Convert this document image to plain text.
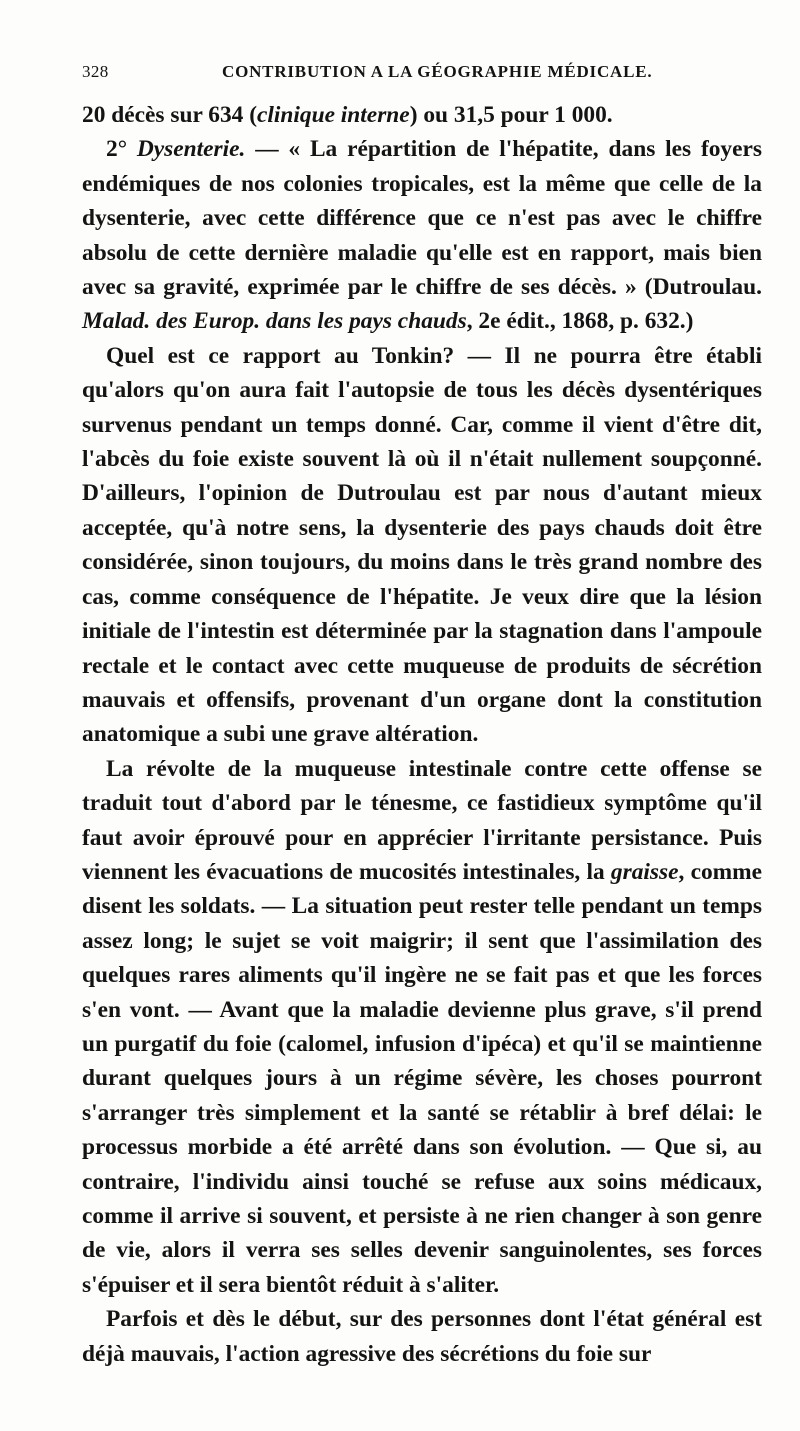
328	CONTRIBUTION A LA GÉOGRAPHIE MÉDICALE.

20 décès sur 634 (clinique interne) ou 31,5 pour 1 000.

2° Dysenterie. — « La répartition de l'hépatite, dans les foyers endémiques de nos colonies tropicales, est la même que celle de la dysenterie, avec cette différence que ce n'est pas avec le chiffre absolu de cette dernière maladie qu'elle est en rapport, mais bien avec sa gravité, exprimée par le chiffre de ses décès. » (Dutroulau. Malad. des Europ. dans les pays chauds, 2e édit., 1868, p. 632.)

Quel est ce rapport au Tonkin? — Il ne pourra être établi qu'alors qu'on aura fait l'autopsie de tous les décès dysentériques survenus pendant un temps donné. Car, comme il vient d'être dit, l'abcès du foie existe souvent là où il n'était nullement soupçonné. D'ailleurs, l'opinion de Dutroulau est par nous d'autant mieux acceptée, qu'à notre sens, la dysenterie des pays chauds doit être considérée, sinon toujours, du moins dans le très grand nombre des cas, comme conséquence de l'hépatite. Je veux dire que la lésion initiale de l'intestin est déterminée par la stagnation dans l'ampoule rectale et le contact avec cette muqueuse de produits de sécrétion mauvais et offensifs, provenant d'un organe dont la constitution anatomique a subi une grave altération.

La révolte de la muqueuse intestinale contre cette offense se traduit tout d'abord par le ténesme, ce fastidieux symptôme qu'il faut avoir éprouvé pour en apprécier l'irritante persistance. Puis viennent les évacuations de mucosités intestinales, la graisse, comme disent les soldats. — La situation peut rester telle pendant un temps assez long; le sujet se voit maigrir; il sent que l'assimilation des quelques rares aliments qu'il ingère ne se fait pas et que les forces s'en vont. — Avant que la maladie devienne plus grave, s'il prend un purgatif du foie (calomel, infusion d'ipéca) et qu'il se maintienne durant quelques jours à un régime sévère, les choses pourront s'arranger très simplement et la santé se rétablir à bref délai: le processus morbide a été arrêté dans son évolution. — Que si, au contraire, l'individu ainsi touché se refuse aux soins médicaux, comme il arrive si souvent, et persiste à ne rien changer à son genre de vie, alors il verra ses selles devenir sanguinolentes, ses forces s'épuiser et il sera bientôt réduit à s'aliter.

Parfois et dès le début, sur des personnes dont l'état général est déjà mauvais, l'action agressive des sécrétions du foie sur
